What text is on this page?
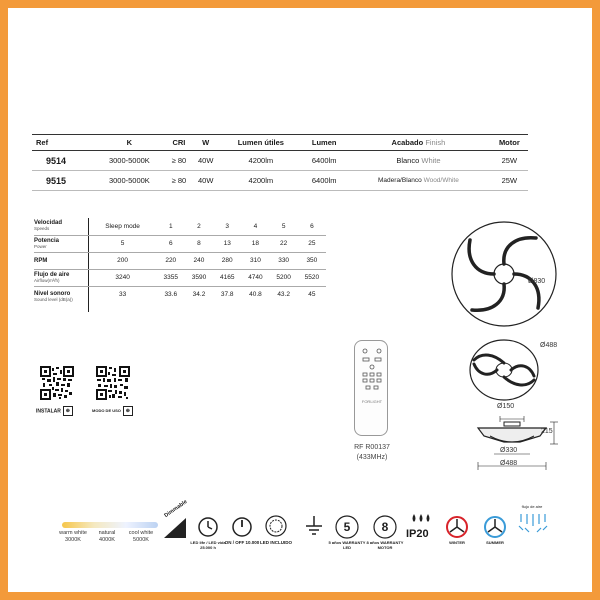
Ref	K	CRI	W	Lumen útiles	Lumen	Acabado Finish	Motor
9514	3000-5000K	≥ 80	40W	4200lm	6400lm	Blanco White	25W
9515	3000-5000K	≥ 80	40W	4200lm	6400lm	Madera/Blanco Wood/White	25W
Velocidad
Speeds	Sleep mode	1	2	3	4	5	6
Potencia
Power	5	6	8	13	18	22	25
RPM	200	220	240	280	310	330	350
Flujo de aire
Airflow(m³/h)	3240	3355	3590	4165	4740	5200	5520
Nivel sonoro
Sound level (dB(a))	33	33.6	34.2	37.8	40.8	43.2	45
INSTALAR ⊕	MODO DE USO ⊕
FORLIGHT
RF R00137
(433MHz)
Ø830
Ø488
Ø150
215
Ø330
Ø488
warm white
3000K
natural
4000K
cool white
5000K
Dimmable
LED life / LED vida 25.000 h
ON / OFF 10.000 LED INCLUIDO
5
5 años WARRANTY LED
8
8 años WARRANTY MOTOR
IP20
WINTER	SUMMER
flujo de aire
